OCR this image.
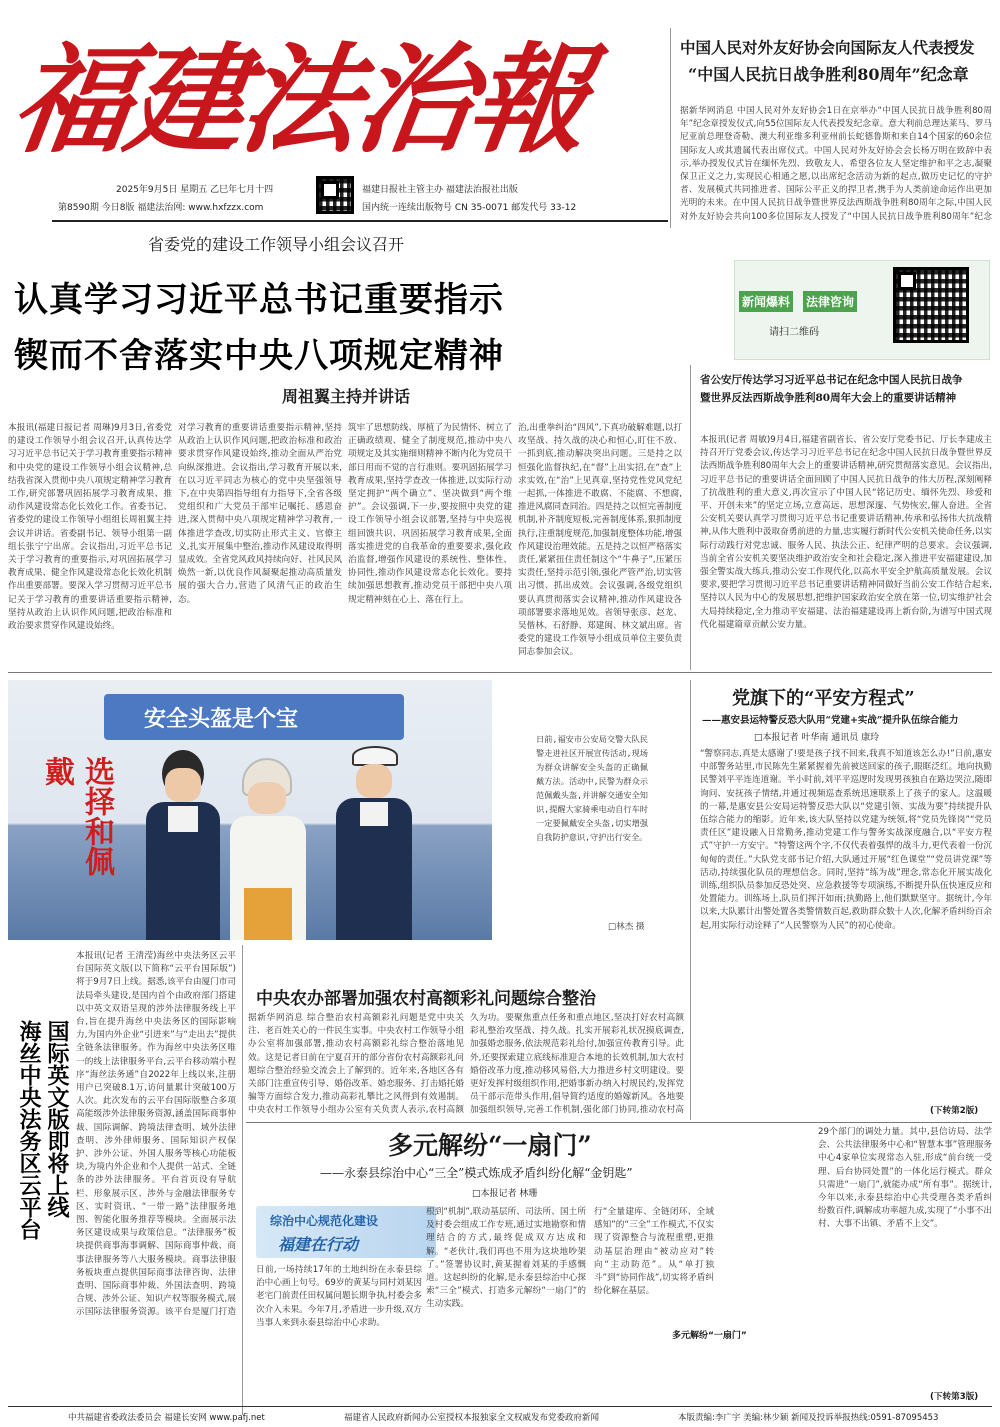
福建法治報
2025年9月5日 星期五 乙巳年七月十四
第8590期 今日8版 福建法治网: www.hxfzzx.com
福建日报社主管主办 福建法治报社出版
国内统一连续出版物号 CN 35-0071 邮发代号 33-12
中国人民对外友好协会向国际友人代表授发
“中国人民抗日战争胜利80周年”纪念章
据新华网消息 中国人民对外友好协会1日在京举办“中国人民抗日战争胜利80周年”纪念章授发仪式,向55位国际友人代表授发纪念章。意大利前总理达莱马、罗马尼亚前总理登奇勒、澳大利亚维多利亚州前长蛇德鲁斯和来自14个国家的60余位国际友人或其遗属代表出席仪式。中国人民对外友好协会会长杨万明在致辞中表示,举办授发仪式旨在缅怀先烈、致敬友人、希望各位友人坚定维护和平之志,凝聚保卫正义之力,实现民心相通之愿,以出席纪念活动为新的起点,做历史记忆的守护者、发展模式共同推进者、国际公平正义的捍卫者,携手为人类前途命运作出更加光明的未来。在中国人民抗日战争暨世界反法西斯战争胜利80周年之际,中国人民对外友好协会共向100多位国际友人授发了“中国人民抗日战争胜利80周年”纪念
省委党的建设工作领导小组会议召开
认真学习习近平总书记重要指示
锲而不舍落实中央八项规定精神
周祖翼主持并讲话
新闻爆料 法律咨询
请扫二维码
省公安厅传达学习习近平总书记在纪念中国人民抗日战争
暨世界反法西斯战争胜利80周年大会上的重要讲话精神
本报讯(记者 周敏)9月4日,福建省副省长、省公安厅党委书记、厅长李建成主持召开厅党委会议,传达学习习近平总书记在纪念中国人民抗日战争暨世界反法西斯战争胜利80周年大会上的重要讲话精神,研究贯彻落实意见。会议指出,习近平总书记的重要讲话全面回顾了中国人民抗日战争的伟大历程,深刻阐释了抗战胜利的重大意义,再次宣示了中国人民“铭记历史、缅怀先烈、珍爱和平、开创未来”的坚定立场,立意高远、思想深邃、气势恢宏,催人奋进。全省公安机关要认真学习贯彻习近平总书记重要讲话精神,传承和弘扬伟大抗战精神,从伟大胜利中汲取奋勇前进的力量,忠实履行新时代公安机关使命任务,以实际行动践行对党忠诚、服务人民、执法公正、纪律严明的总要求。会议强调,当前全省公安机关要坚决维护政治安全和社会稳定,深入推进平安福建建设,加强全警实战大练兵,推动公安工作现代化,以高水平安全护航高质量发展。会议要求,要把学习贯彻习近平总书记重要讲话精神同做好当前公安工作结合起来,坚持以人民为中心的发展思想,把维护国家政治安全放在第一位,切实维护社会大局持续稳定,全力推动平安福建、法治福建建设再上新台阶,为谱写中国式现代化福建篇章贡献公安力量。
本报讯(福建日报记者 周琳)9月3日,省委党的建设工作领导小组会议召开,认真传达学习习近平总书记关于学习教育重要指示精神和中央党的建设工作领导小组会议精神,总结我省深入贯彻中央八项规定精神学习教育工作,研究部署巩固拓展学习教育成果、推动作风建设常态化长效化工作。省委书记、省委党的建设工作领导小组组长周祖翼主持会议并讲话。省委副书记、领导小组第一副组长张宁宁出席。会议指出,习近平总书记关于学习教育的重要指示,对巩固拓展学习教育成果、健全作风建设常态化长效化机制作出重要部署。要深入学习贯彻习近平总书记关于学习教育的重要讲话重要指示精神,坚持从政治上认识作风问题,把政治标准和政治要求贯穿作风建设始终。
对学习教育的重要讲话重要指示精神,坚持从政治上认识作风问题,把政治标准和政治要求贯穿作风建设始终,推动全面从严治党向纵深推进。会议指出,学习教育开展以来,在以习近平同志为核心的党中央坚强领导下,在中央第四指导组有力指导下,全省各级党组织和广大党员干部牢记嘱托、感恩奋进,深入贯彻中央八项规定精神学习教育,一体推进学查改,切实防止形式主义、官僚主义,扎实开展集中整治,推动作风建设取得明显成效。全省党风政风持续向好、社风民风焕然一新,以优良作风凝聚起推动高质量发展的强大合力,营造了风清气正的政治生态。
筑牢了思想防线、厚植了为民情怀、树立了正确政绩观、健全了制度规范,推动中央八项规定及其实施细则精神不断内化为党员干部日用而不觉的言行准则。要巩固拓展学习教育成果,坚持学查改一体推进,以实际行动坚定拥护“两个确立”、坚决做到“两个维护”。会议强调,下一步,要按照中央党的建设工作领导小组会议部署,坚持与中央巡视组回馈共识、巩固拓展学习教育成果,全面落实推进党的自我革命的重要要求,强化政治监督,增强作风建设的系统性、整体性、协同性,推动作风建设常态化长效化。要持续加强思想教育,推动党员干部把中央八项规定精神刻在心上、落在行上。
治,出重拳纠治“四风”,下真功破解难题,以打攻坚战、持久战的决心和恒心,盯住不放、一抓到底,推动解决突出问题。三是持之以恒强化监督执纪,在“督”上出实招,在“查”上求实效,在“治”上见真章,坚持党性党风党纪一起抓,一体推进不敢腐、不能腐、不想腐,推进风腐同查同治。四是持之以恒完善制度机制,补齐制度短板,完善制度体系,狠抓制度执行,注重制度规范,加强制度整体功能,增强作风建设治理效能。五是持之以恒严格落实责任,紧紧扭住责任制这个“牛鼻子”,压紧压实责任,坚持示范引领,强化严管严治,切实管出习惯、抓出成效。会议强调,各级党组织要认真贯彻落实会议精神,推动作风建设各项部署要求落地见效。省领导张彦、赵龙、吴偕林、石舒静、郑建闽、林文斌出席。省委党的建设工作领导小组成员单位主要负责同志参加会议。
安全头盔是个宝
选择和佩戴
日前,福安市公安局交警大队民警走进社区开展宣传活动,现场为群众讲解安全头盔的正确佩戴方法。活动中,民警为群众示范佩戴头盔,并讲解交通安全知识,提醒大家骑乘电动自行车时一定要佩戴安全头盔,切实增强自我防护意识,守护出行安全。
□林杰 摄
党旗下的“平安方程式”
——惠安县运特警反恐大队用“党建+实战”提升队伍综合能力
□本报记者 叶华南 通讯员 康玲
“警察同志,真是太感谢了!要是孩子找不回来,我真不知道该怎么办!”日前,惠安中部警务站里,市民陈先生紧紧握着先前被送回家的孩子,眼眶泛红。地向执勤民警刘平平连连道谢。半小时前,刘平平巡逻时发现男孩独自在路边哭泣,随即询问、安抚孩子情绪,并通过视频巡查系统迅速联系上了孩子的家人。这温暖的一幕,是惠安县公安局运特警反恐大队以“党建引领、实战为要”持续提升队伍综合能力的缩影。近年来,该大队坚持以党建为统领,将“党员先锋岗”“党员责任区”建设融入日常勤务,推动党建工作与警务实战深度融合,以“平安方程式”守护一方安宁。“特警这两个字,不仅代表着强悍的战斗力,更代表着一份沉甸甸的责任。”大队党支部书记介绍,大队通过开展“红色课堂”“党员讲党课”等活动,持续强化队员的理想信念。同时,坚持“练为战”理念,常态化开展实战化训练,组织队员参加反恐处突、应急救援等专项演练,不断提升队伍快速反应和处置能力。训练场上,队员们挥汗如雨;执勤路上,他们默默坚守。据统计,今年以来,大队累计出警处置各类警情数百起,救助群众数十人次,化解矛盾纠纷百余起,用实际行动诠释了“人民警察为人民”的初心使命。
(下转第2版)
本报讯(记者 王清滢)海丝中央法务区云平台国际英文版(以下简称“云平台国际版”)将于9月7日上线。据悉,该平台由厦门市司法局牵头建设,是国内首个由政府部门搭建以中英文双语呈现的涉外法律服务线上平台,旨在提升海丝中央法务区的国际影响力,为国内外企业“引进来”与“走出去”提供全链条法律服务。作为海丝中央法务区唯一的线上法律服务平台,云平台移动端小程序“海丝法务通”自2022年上线以来,注册用户已突破8.1万,访问量累计突破100万人次。此次发布的云平台国际版整合多项高能级涉外法律服务资源,涵盖国际商事仲裁、国际调解、跨境法律查明、域外法律查明、涉外律师服务、国际知识产权保护、涉外公证、外国人服务等核心功能板块,为境内外企业和个人提供一站式、全链条的涉外法律服务。平台首页设有导航栏、形象展示区、涉外与金融法律服务专区、实时资讯、“一带一路”法律服务地图、智能化服务推荐等模块。全面展示法务区建设成果与政策信息。“法律服务”板块提供商事海事调解、国际商事仲裁、商事法律服务等八大服务模块。商事法律服务板块重点提供国际商事法律咨询、法律查明、国际商事仲裁、外国法查明、跨境合规、涉外公证、知识产权等服务模式,展示国际法律服务资源。该平台是厦门打造
海丝中央法务区云平台 国际英文版即将上线
中央农办部署加强农村高额彩礼问题综合整治
据新华网消息 综合整治农村高额彩礼问题是党中央关注、老百姓关心的一件民生实事。中央农村工作领导小组办公室将加强部署,推动农村高额彩礼综合整治落地见效。这是记者日前在宁夏召开的部分省份农村高额彩礼问题综合整治经验交流会上了解到的。近年来,各地区各有关部门注重宣传引导、婚俗改革、婚恋服务、打击婚托婚骗等方面综合发力,推动高彩礼攀比之风得到有效遏制。中央农村工作领导小组办公室有关负责人表示,农村高额
久为功。要聚焦重点任务和重点地区,坚决打好农村高额彩礼整治攻坚战、持久战。扎实开展彩礼状况摸底调查,加强婚恋服务,依法规范彩礼给付,加强宣传教育引导。此外,还要探索建立底线标准迎合本地的长效机制,加大农村婚俗改革力度,推动移风易俗,大力推进乡村文明建设。要更好发挥村级组织作用,把婚事新办纳入村规民约,发挥党员干部示范带头作用,倡导简约适度的婚嫁新风。各地要加强组织领导,完善工作机制,强化部门协同,推动农村高
多元解纷“一扇门”
——永泰县综治中心“三全”模式炼成矛盾纠纷化解“金钥匙”
□本报记者 林珊
综治中心规范化建设
福建在行动
日前,一场持续17年的土地纠纷在永泰县综治中心画上句号。69岁的黄某与同村刘某因老宅门前责任田权属问题长期争执,村委会多次介入未果。今年7月,矛盾进一步升级,双方当事人来到永泰县综治中心求助。
根到“机制”,联动基层所、司法所、国土所及村委会组成工作专班,通过实地勘察和情理结合的方式,最终促成双方达成和解。“老伙计,我们再也不用为这块地吵架了。”签署协议时,黄某握着刘某的手感慨道。这起纠纷的化解,是永泰县综治中心探索“三全”模式、打造多元解纷“一扇门”的生动实践。
行“全量建库、全链闭环、全域感知”的“三全”工作模式,不仅实现了资源整合与流程重塑,更推动基层治理由“被动应对”转向“主动防范”。从“单打独斗”到“协同作战”,切实将矛盾纠纷化解在基层。
多元解纷“一扇门”
29个部门的调处力量。其中,县信访局、法学会、公共法律服务中心和“智慧本事”管理服务中心4家单位实现常态入驻,形成“前台统一受理、后台协同处置”的一体化运行模式。群众只需进“一扇门”,就能办成“所有事”。据统计,今年以来,永泰县综治中心共受理各类矛盾纠纷数百件,调解成功率超九成,实现了“小事不出村、大事不出镇、矛盾不上交”。
(下转第3版)
中共福建省委政法委员会 福建长安网 www.pafj.net	福建省人民政府新闻办公室授权本报独家全文权威发布党委政府新闻	本版责编:李广宇 美编:林少颖 新闻及投诉举报热线:0591-87095453
